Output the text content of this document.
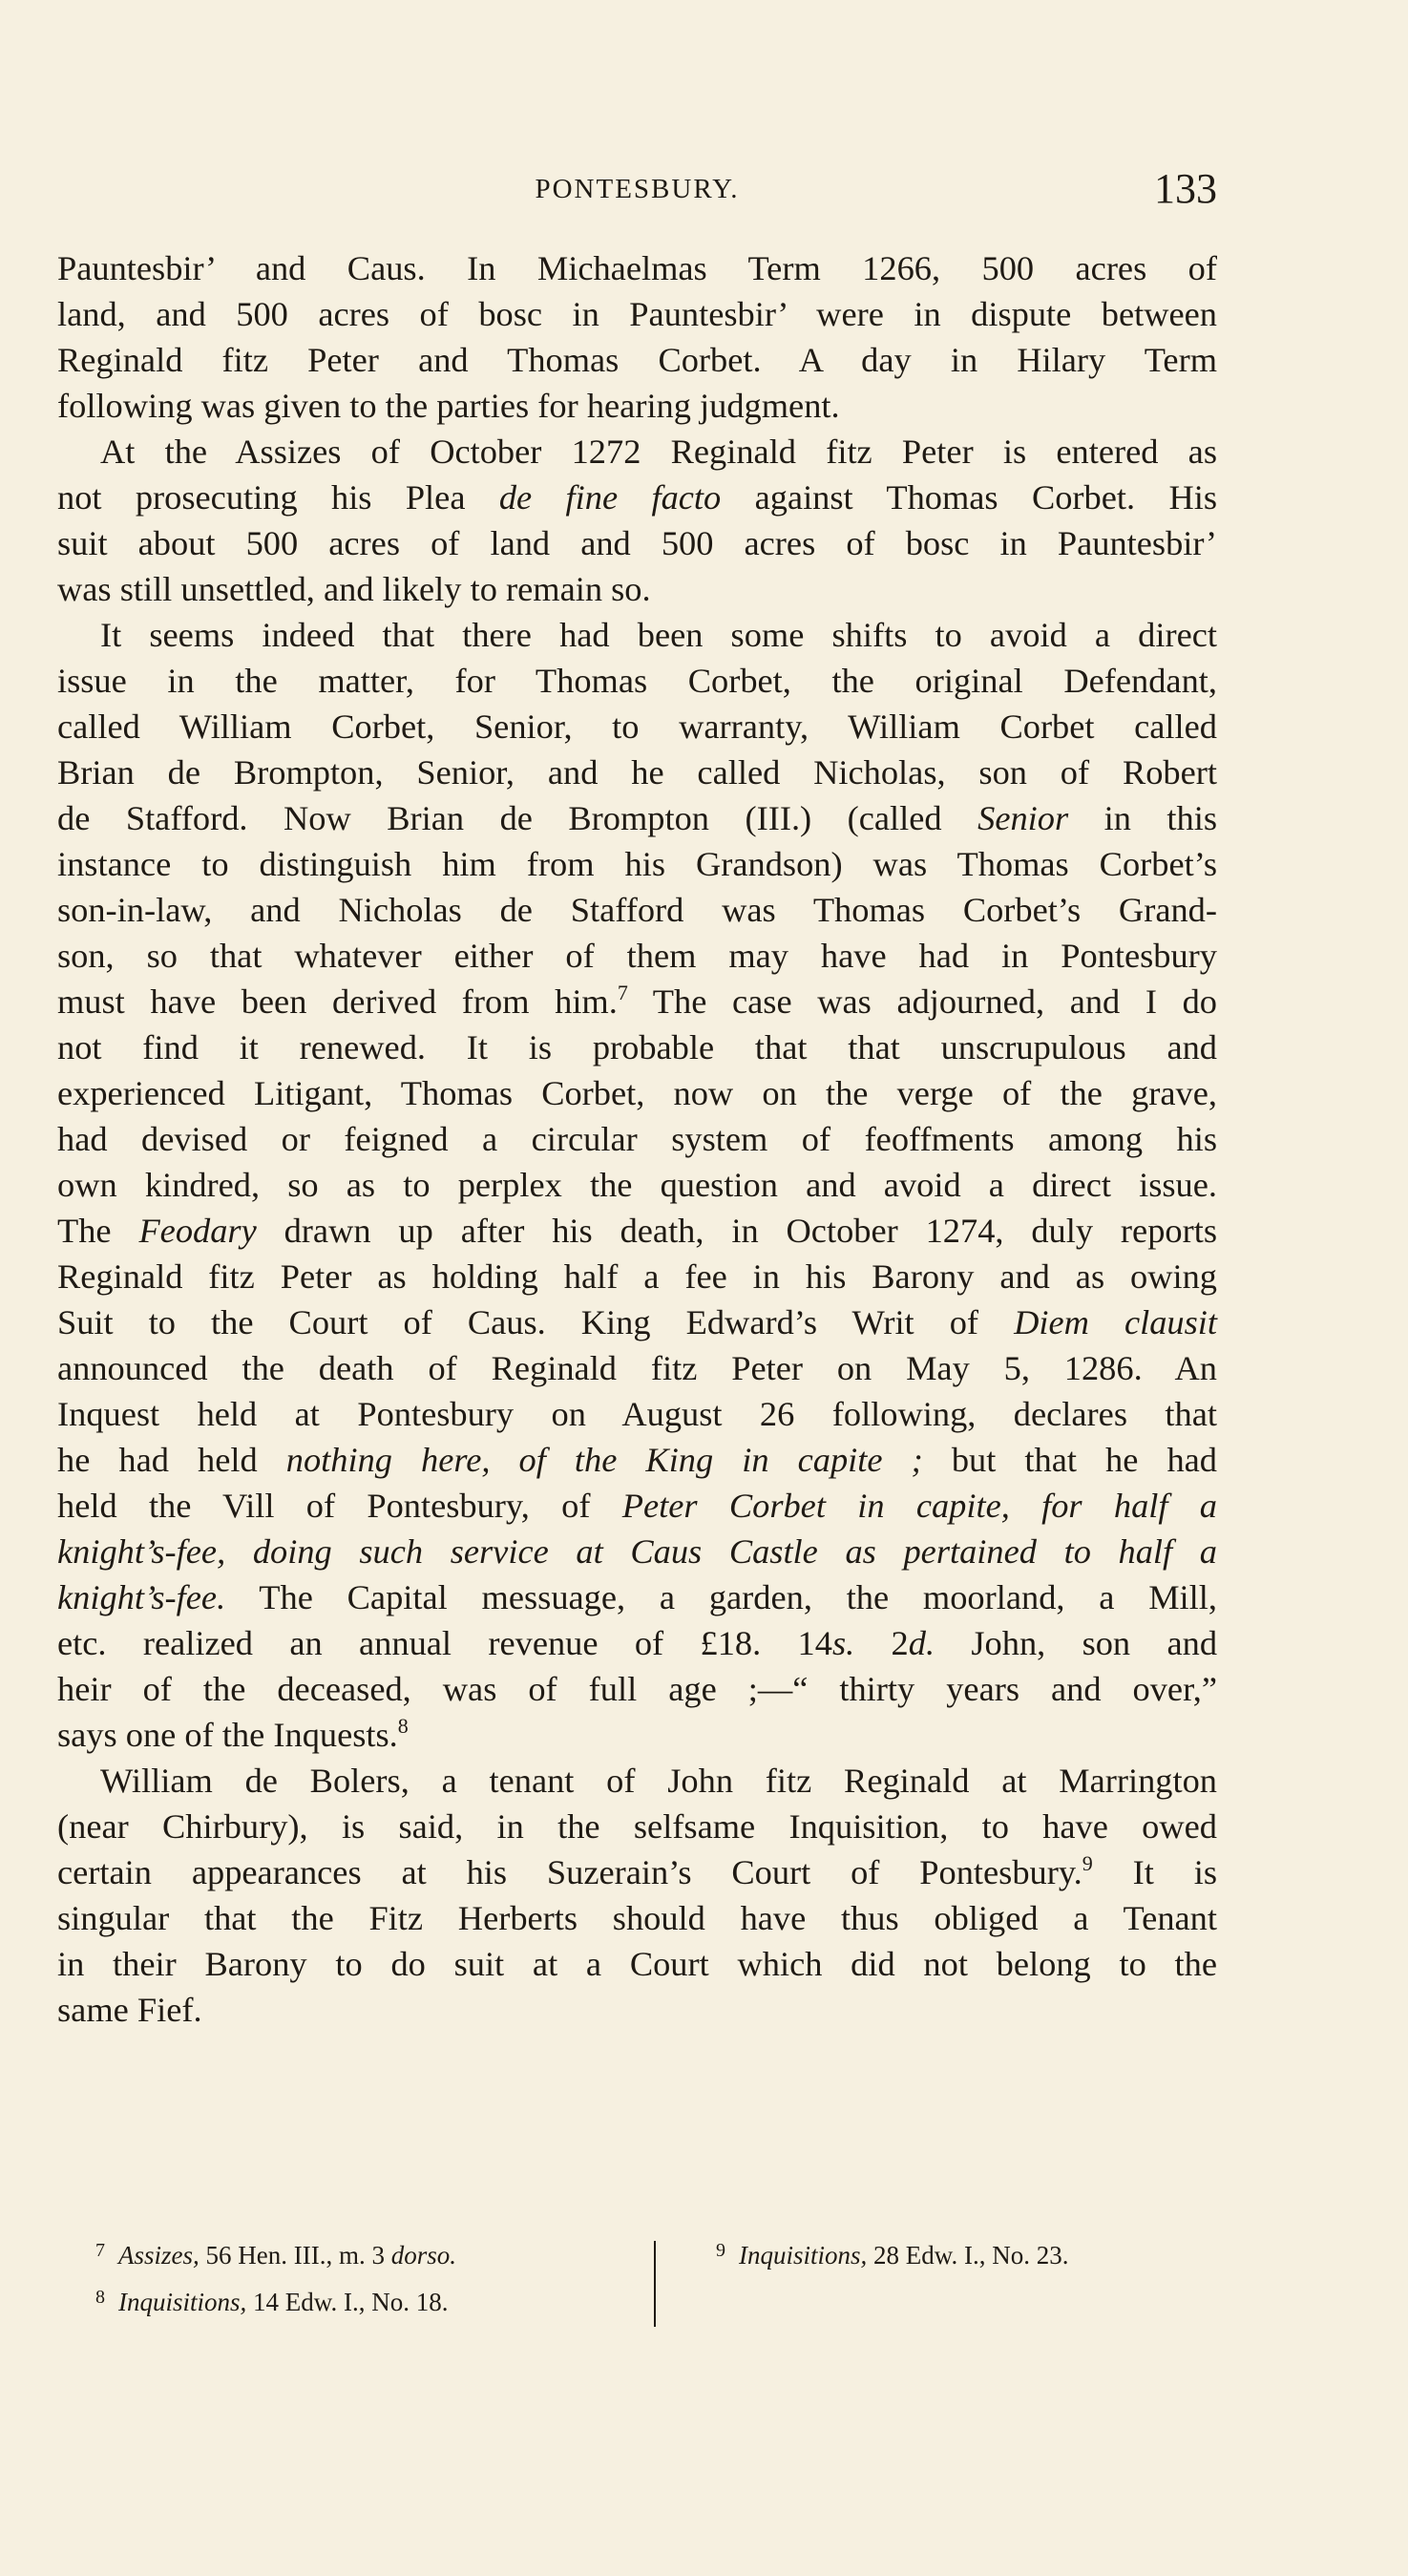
PONTESBURY.	133
Pauntesbir’ and Caus. In Michaelmas Term 1266, 500 acres of
land, and 500 acres of bosc in Pauntesbir’ were in dispute between
Reginald fitz Peter and Thomas Corbet. A day in Hilary Term
following was given to the parties for hearing judgment.
At the Assizes of October 1272 Reginald fitz Peter is entered as
not prosecuting his Plea de fine facto against Thomas Corbet. His
suit about 500 acres of land and 500 acres of bosc in Pauntesbir’
was still unsettled, and likely to remain so.
It seems indeed that there had been some shifts to avoid a direct
issue in the matter, for Thomas Corbet, the original Defendant,
called William Corbet, Senior, to warranty, William Corbet called
Brian de Brompton, Senior, and he called Nicholas, son of Robert
de Stafford. Now Brian de Brompton (III.) (called Senior in this
instance to distinguish him from his Grandson) was Thomas Corbet’s
son-in-law, and Nicholas de Stafford was Thomas Corbet’s Grand-
son, so that whatever either of them may have had in Pontesbury
must have been derived from him.$^7$ The case was adjourned, and I do
not find it renewed. It is probable that that unscrupulous and
experienced Litigant, Thomas Corbet, now on the verge of the grave,
had devised or feigned a circular system of feoffments among his
own kindred, so as to perplex the question and avoid a direct issue.
The Feodary drawn up after his death, in October 1274, duly reports
Reginald fitz Peter as holding half a fee in his Barony and as owing
Suit to the Court of Caus. King Edward’s Writ of Diem clausit
announced the death of Reginald fitz Peter on May 5, 1286. An
Inquest held at Pontesbury on August 26 following, declares that
he had held nothing here, of the King in capite ; but that he had
held the Vill of Pontesbury, of Peter Corbet in capite, for half a
knight’s-fee, doing such service at Caus Castle as pertained to half a
knight’s-fee. The Capital messuage, a garden, the moorland, a Mill,
etc. realized an annual revenue of £18. 14s. 2d. John, son and
heir of the deceased, was of full age ;—“ thirty years and over,”
says one of the Inquests.$^8$
William de Bolers, a tenant of John fitz Reginald at Marrington
(near Chirbury), is said, in the selfsame Inquisition, to have owed
certain appearances at his Suzerain’s Court of Pontesbury.$^9$ It is
singular that the Fitz Herberts should have thus obliged a Tenant
in their Barony to do suit at a Court which did not belong to the
same Fief.
$^7$ Assizes, 56 Hen. III., m. 3 dorso.
$^8$ Inquisitions, 14 Edw. I., No. 18.
$^9$ Inquisitions, 28 Edw. I., No. 23.
